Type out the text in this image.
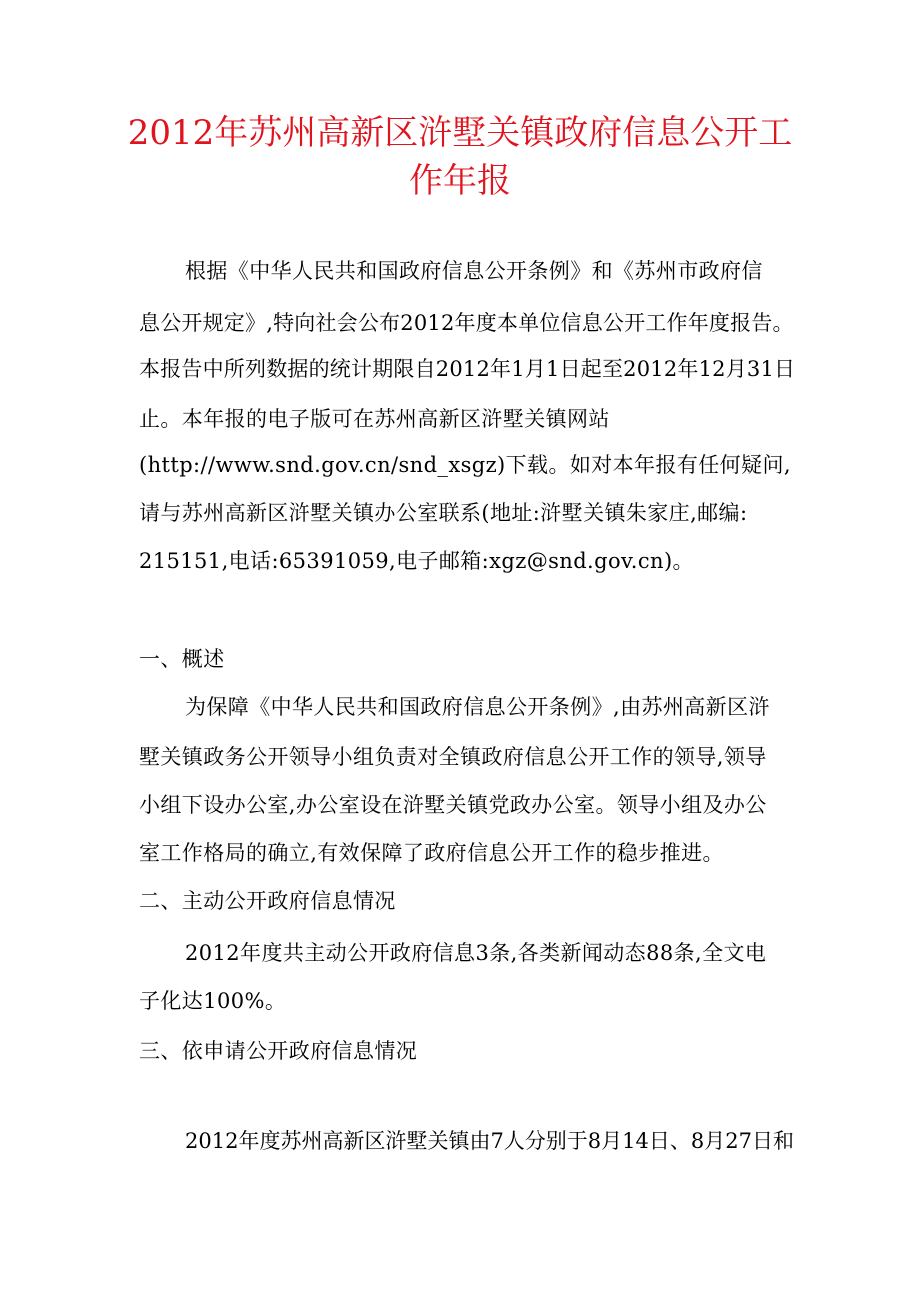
2012年苏州高新区浒墅关镇政府信息公开工
作年报
根据《中华人民共和国政府信息公开条例》和《苏州市政府信
息公开规定》,特向社会公布2012年度本单位信息公开工作年度报告。
本报告中所列数据的统计期限自2012年1月1日起至2012年12月31日
止。本年报的电子版可在苏州高新区浒墅关镇网站
(http://www.snd.gov.cn/snd_xsgz)下载。如对本年报有任何疑问,
请与苏州高新区浒墅关镇办公室联系(地址:浒墅关镇朱家庄,邮编:
215151,电话:65391059,电子邮箱:xgz@snd.gov.cn)。
一、概述
为保障《中华人民共和国政府信息公开条例》,由苏州高新区浒
墅关镇政务公开领导小组负责对全镇政府信息公开工作的领导,领导
小组下设办公室,办公室设在浒墅关镇党政办公室。领导小组及办公
室工作格局的确立,有效保障了政府信息公开工作的稳步推进。
二、主动公开政府信息情况
2012年度共主动公开政府信息3条,各类新闻动态88条,全文电
子化达100%。
三、依申请公开政府信息情况
2012年度苏州高新区浒墅关镇由7人分别于8月14日、8月27日和
